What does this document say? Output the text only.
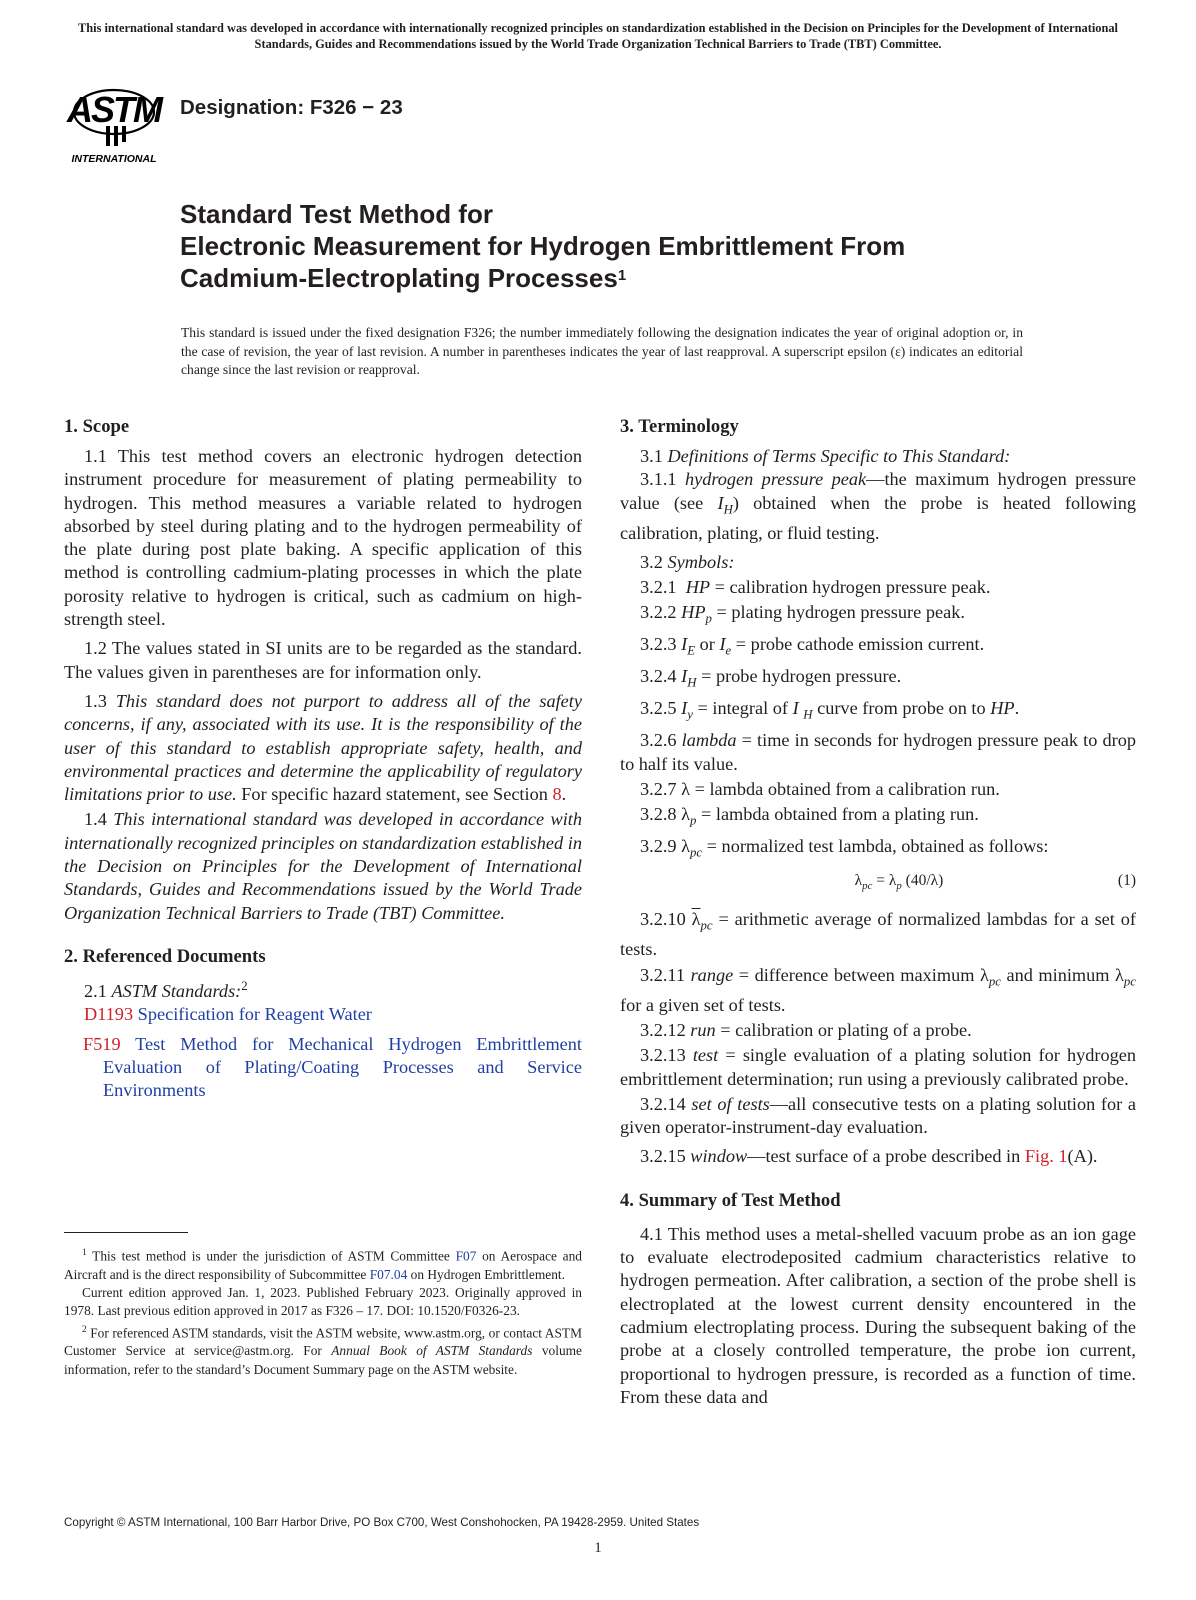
This international standard was developed in accordance with internationally recognized principles on standardization established in the Decision on Principles for the Development of International Standards, Guides and Recommendations issued by the World Trade Organization Technical Barriers to Trade (TBT) Committee.
ASTM
INTERNATIONAL
Designation: F326 − 23
Standard Test Method for
Electronic Measurement for Hydrogen Embrittlement From
Cadmium-Electroplating Processes$^1$
This standard is issued under the fixed designation F326; the number immediately following the designation indicates the year of original adoption or, in the case of revision, the year of last revision. A number in parentheses indicates the year of last reapproval. A superscript epsilon (ε) indicates an editorial change since the last revision or reapproval.
1. Scope

1.1 This test method covers an electronic hydrogen detection instrument procedure for measurement of plating permeability to hydrogen. This method measures a variable related to hydrogen absorbed by steel during plating and to the hydrogen permeability of the plate during post plate baking. A specific application of this method is controlling cadmium-plating processes in which the plate porosity relative to hydrogen is critical, such as cadmium on high-strength steel.

1.2 The values stated in SI units are to be regarded as the standard. The values given in parentheses are for information only.

1.3 This standard does not purport to address all of the safety concerns, if any, associated with its use. It is the responsibility of the user of this standard to establish appropriate safety, health, and environmental practices and determine the applicability of regulatory limitations prior to use. For specific hazard statement, see Section 8.

1.4 This international standard was developed in accordance with internationally recognized principles on standardization established in the Decision on Principles for the Development of International Standards, Guides and Recommendations issued by the World Trade Organization Technical Barriers to Trade (TBT) Committee.

2. Referenced Documents

2.1 ASTM Standards:$^2$

D1193 Specification for Reagent Water

F519 Test Method for Mechanical Hydrogen Embrittlement Evaluation of Plating/Coating Processes and Service Environments

$^1$ This test method is under the jurisdiction of ASTM Committee F07 on Aerospace and Aircraft and is the direct responsibility of Subcommittee F07.04 on Hydrogen Embrittlement.

Current edition approved Jan. 1, 2023. Published February 2023. Originally approved in 1978. Last previous edition approved in 2017 as F326 – 17. DOI: 10.1520/F0326-23.

$^2$ For referenced ASTM standards, visit the ASTM website, www.astm.org, or contact ASTM Customer Service at service@astm.org. For Annual Book of ASTM Standards volume information, refer to the standard’s Document Summary page on the ASTM website.

3. Terminology

3.1 Definitions of Terms Specific to This Standard:

3.1.1 hydrogen pressure peak—the maximum hydrogen pressure value (see $I_H$) obtained when the probe is heated following calibration, plating, or fluid testing.

3.2 Symbols:

3.2.1 HP = calibration hydrogen pressure peak.

3.2.2 $HP_p$ = plating hydrogen pressure peak.

3.2.3 $I_E$ or $I_e$ = probe cathode emission current.

3.2.4 $I_H$ = probe hydrogen pressure.

3.2.5 $I_y$ = integral of I $_H$ curve from probe on to HP.

3.2.6 lambda = time in seconds for hydrogen pressure peak to drop to half its value.

3.2.7 λ = lambda obtained from a calibration run.

3.2.8 $\lambda_p$ = lambda obtained from a plating run.

3.2.9 $\lambda_{pc}$ = normalized test lambda, obtained as follows:

$\lambda_{pc} = \lambda_p$ (40/λ)	(1)

3.2.10 $\overline{\lambda}_{pc}$ = arithmetic average of normalized lambdas for a set of tests.

3.2.11 range = difference between maximum $\lambda_{pc}$ and minimum $\lambda_{pc}$ for a given set of tests.

3.2.12 run = calibration or plating of a probe.

3.2.13 test = single evaluation of a plating solution for hydrogen embrittlement determination; run using a previously calibrated probe.

3.2.14 set of tests—all consecutive tests on a plating solution for a given operator-instrument-day evaluation.

3.2.15 window—test surface of a probe described in Fig. 1(A).

4. Summary of Test Method

4.1 This method uses a metal-shelled vacuum probe as an ion gage to evaluate electrodeposited cadmium characteristics relative to hydrogen permeation. After calibration, a section of the probe shell is electroplated at the lowest current density encountered in the cadmium electroplating process. During the subsequent baking of the probe at a closely controlled temperature, the probe ion current, proportional to hydrogen pressure, is recorded as a function of time. From these data and

Copyright © ASTM International, 100 Barr Harbor Drive, PO Box C700, West Conshohocken, PA 19428-2959. United States
1
